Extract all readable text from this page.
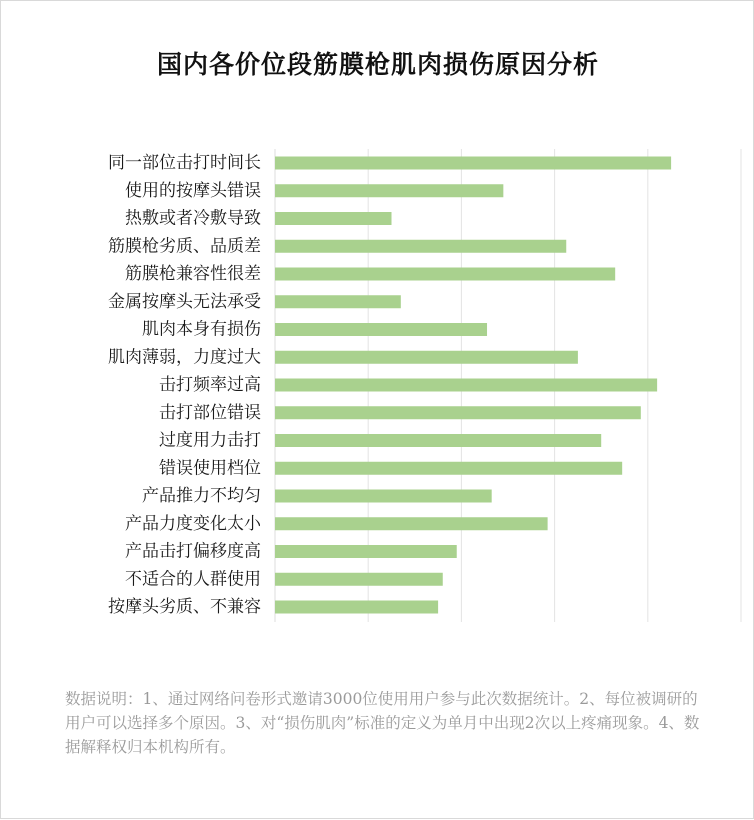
国内各价位段筋膜枪肌肉损伤原因分析
同一部位击打时间长
使用的按摩头错误
热敷或者冷敷导致
筋膜枪劣质、品质差
筋膜枪兼容性很差
金属按摩头无法承受
肌肉本身有损伤
肌肉薄弱，力度过大
击打频率过高
击打部位错误
过度用力击打
错误使用档位
产品推力不均匀
产品力度变化太小
产品击打偏移度高
不适合的人群使用
按摩头劣质、不兼容
数据说明：1、通过网络问卷形式邀请3000位使用用户参与此次数据统计。2、每位被调研的用户可以选择多个原因。3、对“损伤肌肉”标准的定义为单月中出现2次以上疼痛现象。4、数据解释权归本机构所有。
